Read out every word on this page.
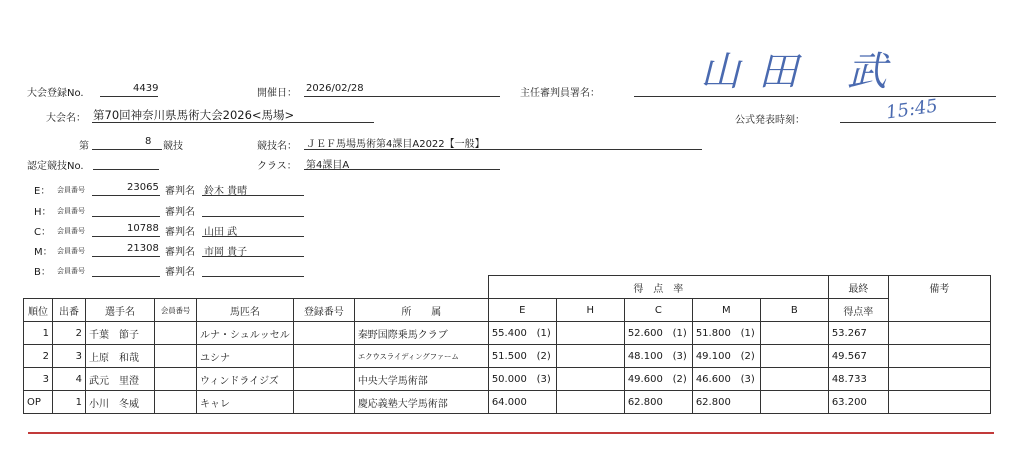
大会登録No.	4439	開催日： 2026/02/28	主任審判員署名：	山田 武
大会名： 第70回神奈川県馬術大会2026<馬場>	公式発表時刻：	15:45
第	8 競技	競技名： ＪＥＦ馬場馬術第4課目A2022【一般】
認定競技No.	クラス： 第4課目A
E： 会員番号	23065 審判名 鈴木 貴晴
H： 会員番号	審判名
C： 会員番号	10788 審判名 山田 武
M： 会員番号	21308 審判名 市岡 貴子
B： 会員番号	審判名
							得　点　率					最終	備考
順位	出番	選手名	会員番号	馬匹名	登録番号	所　　属	E	H	C	M	B	得点率	
1	2	千葉　節子		ルナ・シュルッセル		秦野国際乗馬クラブ	55.400 (1)		52.600 (1)	51.800 (1)		53.267	
2	3	上原　和哉		ユシナ		エクウスライディングファーム	51.500 (2)		48.100 (3)	49.100 (2)		49.567	
3	4	武元　里澄		ウィンドライジズ		中央大学馬術部	50.000 (3)		49.600 (2)	46.600 (3)		48.733	
OP	1	小川　冬威		キャレ		慶応義塾大学馬術部	64.000		62.800	62.800		63.200	
